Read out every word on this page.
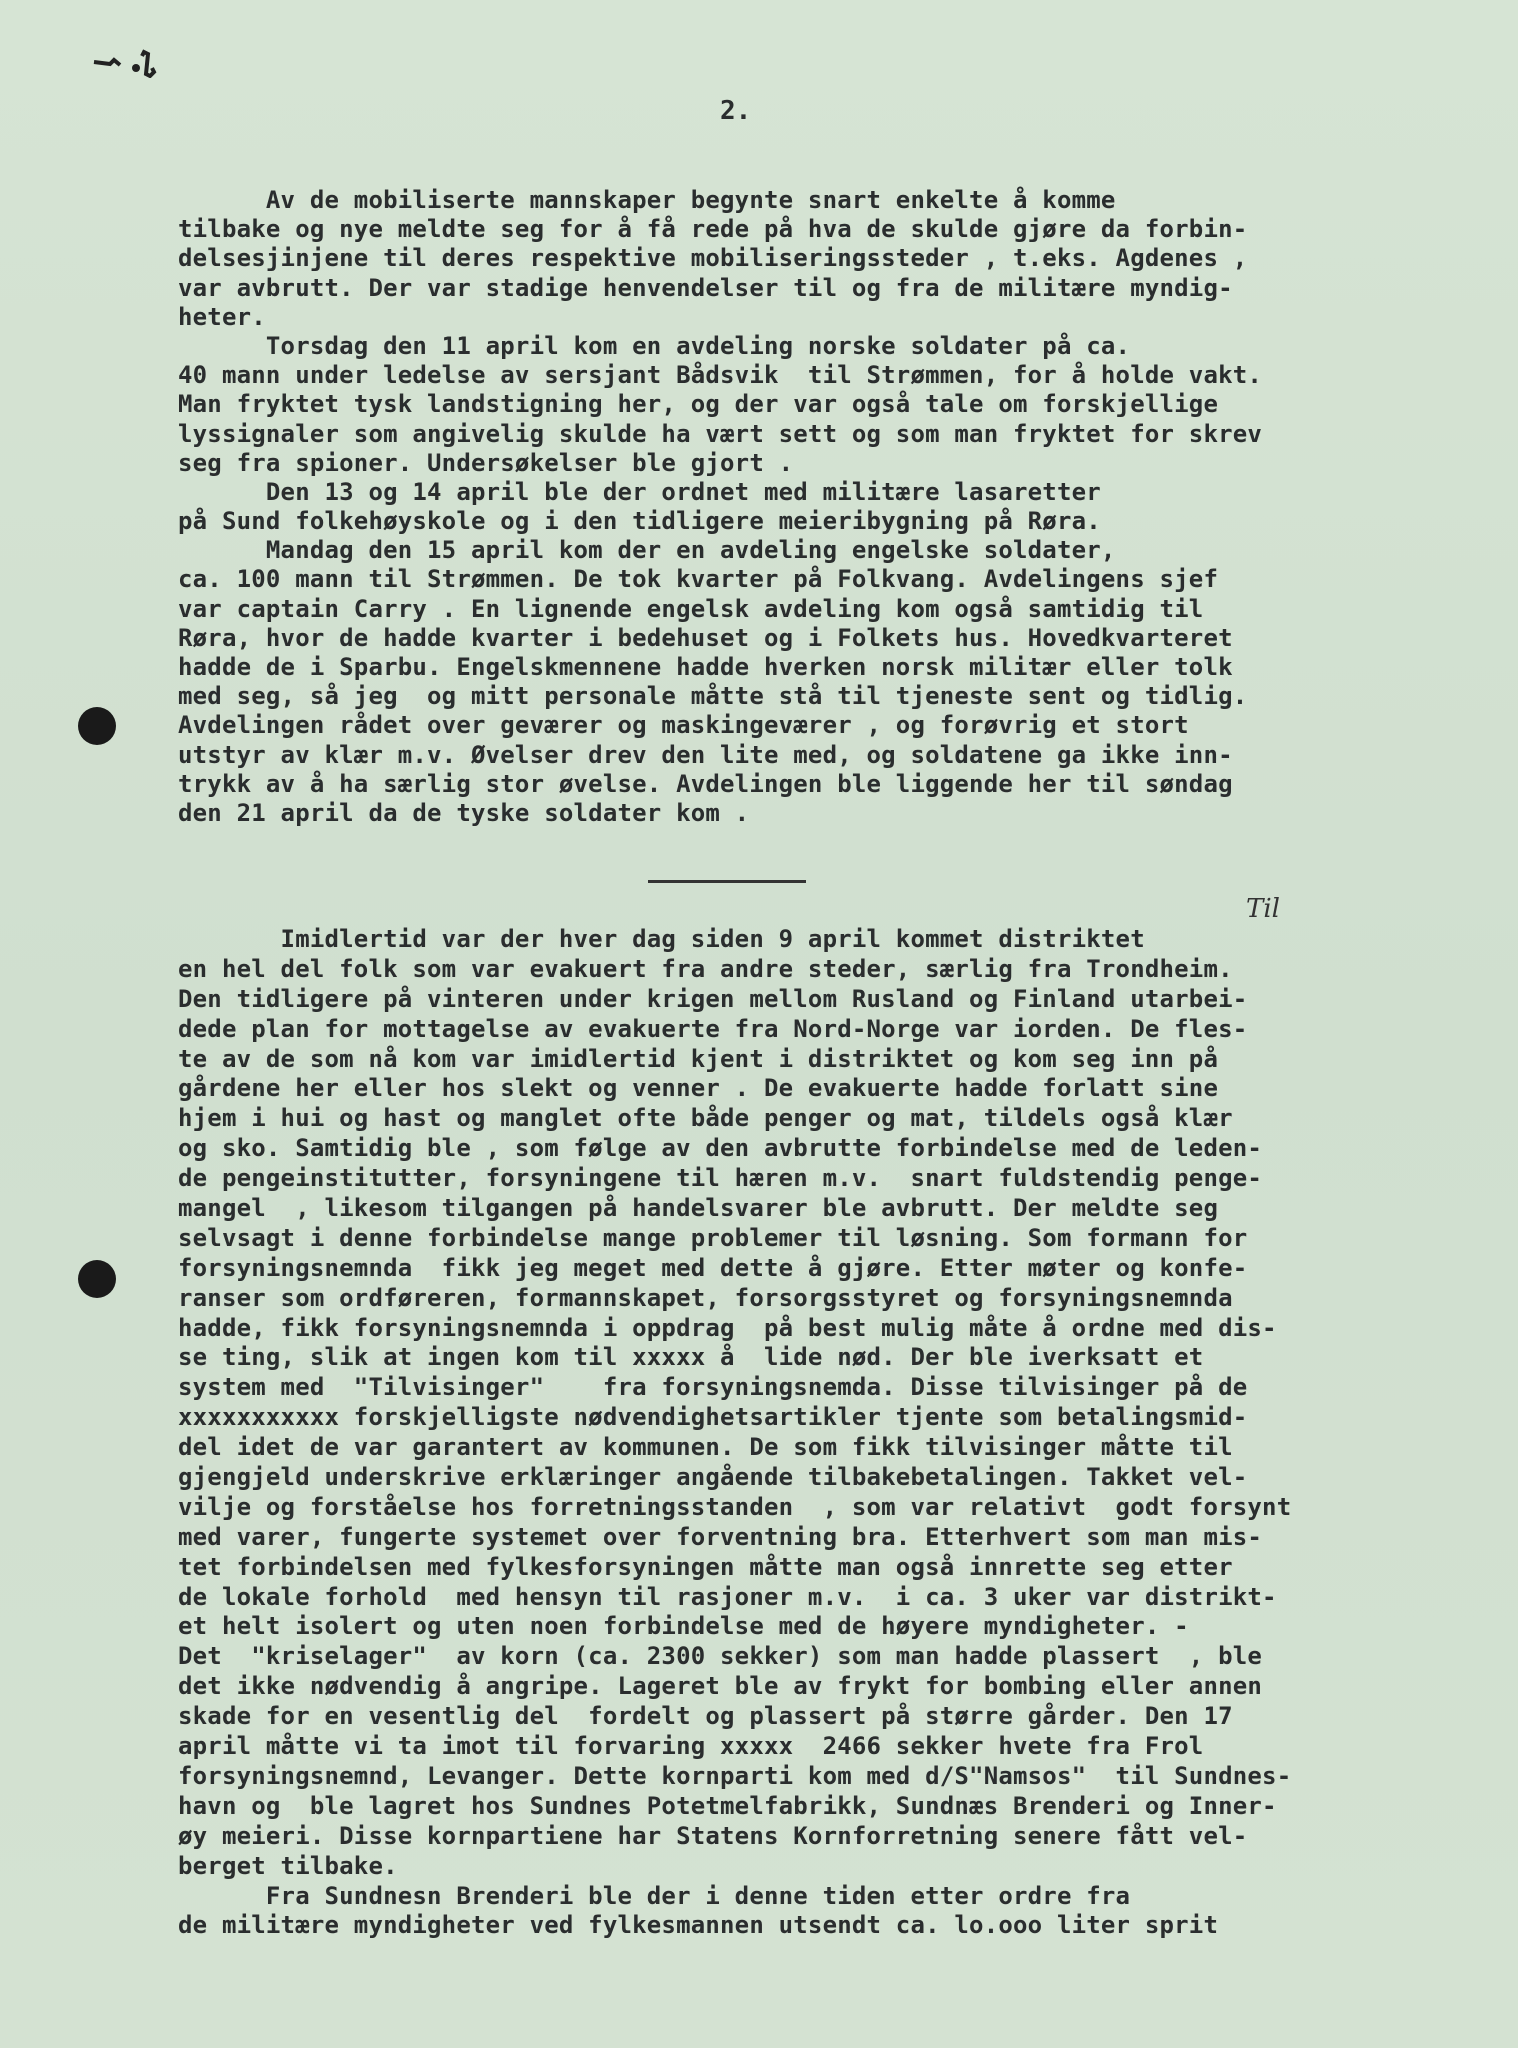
2.
Av de mobiliserte mannskaper begynte snart enkelte å komme
tilbake og nye meldte seg for å få rede på hva de skulde gjøre da forbin-
delsesjinjene til deres respektive mobiliseringssteder , t.eks. Agdenes ,
var avbrutt. Der var stadige henvendelser til og fra de militære myndig-
heter.
Torsdag den 11 april kom en avdeling norske soldater på ca.
40 mann under ledelse av sersjant Bådsvik  til Strømmen, for å holde vakt.
Man fryktet tysk landstigning her, og der var også tale om forskjellige
lyssignaler som angivelig skulde ha vært sett og som man fryktet for skrev
seg fra spioner. Undersøkelser ble gjort .
Den 13 og 14 april ble der ordnet med militære lasaretter
på Sund folkehøyskole og i den tidligere meieribygning på Røra.
Mandag den 15 april kom der en avdeling engelske soldater,
ca. 100 mann til Strømmen. De tok kvarter på Folkvang. Avdelingens sjef
var captain Carry . En lignende engelsk avdeling kom også samtidig til
Røra, hvor de hadde kvarter i bedehuset og i Folkets hus. Hovedkvarteret
hadde de i Sparbu. Engelskmennene hadde hverken norsk militær eller tolk
med seg, så jeg  og mitt personale måtte stå til tjeneste sent og tidlig.
Avdelingen rådet over geværer og maskingeværer , og forøvrig et stort
utstyr av klær m.v. Øvelser drev den lite med, og soldatene ga ikke inn-
trykk av å ha særlig stor øvelse. Avdelingen ble liggende her til søndag
den 21 april da de tyske soldater kom .
Til
Imidlertid var der hver dag siden 9 april kommet distriktet
en hel del folk som var evakuert fra andre steder, særlig fra Trondheim.
Den tidligere på vinteren under krigen mellom Rusland og Finland utarbei-
dede plan for mottagelse av evakuerte fra Nord-Norge var iorden. De fles-
te av de som nå kom var imidlertid kjent i distriktet og kom seg inn på
gårdene her eller hos slekt og venner . De evakuerte hadde forlatt sine
hjem i hui og hast og manglet ofte både penger og mat, tildels også klær
og sko. Samtidig ble , som følge av den avbrutte forbindelse med de leden-
de pengeinstitutter, forsyningene til hæren m.v.  snart fuldstendig penge-
mangel  , likesom tilgangen på handelsvarer ble avbrutt. Der meldte seg
selvsagt i denne forbindelse mange problemer til løsning. Som formann for
forsyningsnemnda  fikk jeg meget med dette å gjøre. Etter møter og konfe-
ranser som ordføreren, formannskapet, forsorgsstyret og forsyningsnemnda
hadde, fikk forsyningsnemnda i oppdrag  på best mulig måte å ordne med dis-
se ting, slik at ingen kom til xxxxx å  lide nød. Der ble iverksatt et
system med  "Tilvisinger"    fra forsyningsnemda. Disse tilvisinger på de
xxxxxxxxxxx forskjelligste nødvendighetsartikler tjente som betalingsmid-
del idet de var garantert av kommunen. De som fikk tilvisinger måtte til
gjengjeld underskrive erklæringer angående tilbakebetalingen. Takket vel-
vilje og forståelse hos forretningsstanden  , som var relativt  godt forsynt
med varer, fungerte systemet over forventning bra. Etterhvert som man mis-
tet forbindelsen med fylkesforsyningen måtte man også innrette seg etter
de lokale forhold  med hensyn til rasjoner m.v.  i ca. 3 uker var distrikt-
et helt isolert og uten noen forbindelse med de høyere myndigheter. -
Det  "kriselager"  av korn (ca. 2300 sekker) som man hadde plassert  , ble
det ikke nødvendig å angripe. Lageret ble av frykt for bombing eller annen
skade for en vesentlig del  fordelt og plassert på større gårder. Den 17
april måtte vi ta imot til forvaring xxxxx  2466 sekker hvete fra Frol
forsyningsnemnd, Levanger. Dette kornparti kom med d/S"Namsos"  til Sundnes-
havn og  ble lagret hos Sundnes Potetmelfabrikk, Sundnæs Brenderi og Inner-
øy meieri. Disse kornpartiene har Statens Kornforretning senere fått vel-
berget tilbake.
Fra Sundnesn Brenderi ble der i denne tiden etter ordre fra
de militære myndigheter ved fylkesmannen utsendt ca. lo.ooo liter sprit
